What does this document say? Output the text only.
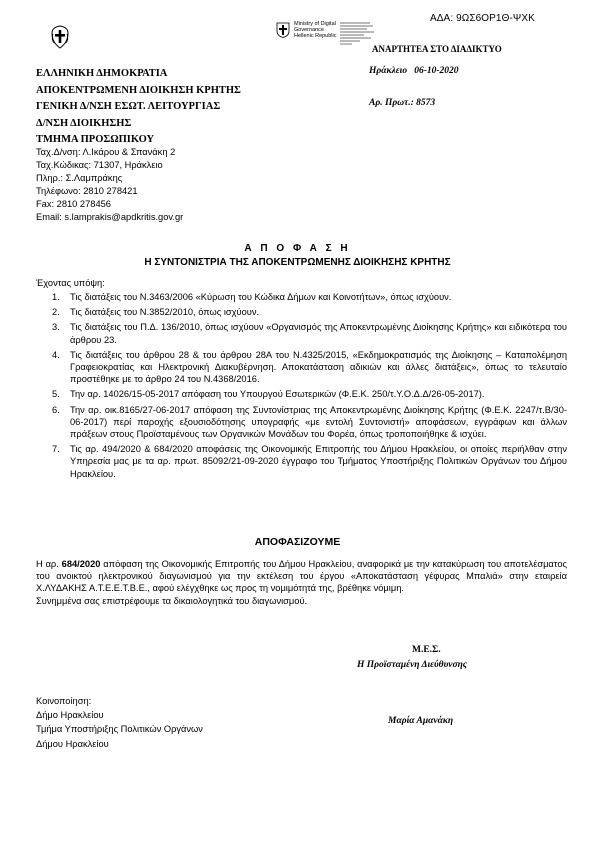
ΑΔΑ: 9ΩΣ6ΟΡ1Θ-ΨΧΚ
Ministry of Digital
Governance
Hellenic Republic
ΑΝΑΡΤΗΤΕΑ ΣΤΟ ΔΙΑΔΙΚΤΥΟ
ΕΛΛΗΝΙΚΗ ΔΗΜΟΚΡΑΤΙΑ
ΑΠΟΚΕΝΤΡΩΜΕΝΗ ΔΙΟΙΚΗΣΗ ΚΡΗΤΗΣ
ΓΕΝΙΚΗ Δ/ΝΣΗ ΕΣΩΤ. ΛΕΙΤΟΥΡΓΙΑΣ
Δ/ΝΣΗ ΔΙΟΙΚΗΣΗΣ
ΤΜΗΜΑ ΠΡΟΣΩΠΙΚΟΥ
Ηράκλειο   06-10-2020
Αρ. Πρωτ.: 8573
Ταχ.Δ/νση: Λ.Ικάρου & Σπανάκη 2
Ταχ.Κώδικας: 71307, Ηράκλειο
Πληρ.: Σ.Λαμπράκης
Τηλέφωνο: 2810 278421
Fax: 2810 278456
Email: s.lamprakis@apdkritis.gov.gr
Α Π Ο Φ Α Σ Η
Η ΣΥΝΤΟΝΙΣΤΡΙΑ ΤΗΣ ΑΠΟΚΕΝΤΡΩΜΕΝΗΣ ΔΙΟΙΚΗΣΗΣ ΚΡΗΤΗΣ
Έχοντας υπόψη:
1.	Τις διατάξεις του Ν.3463/2006 «Κύρωση του Κώδικα Δήμων και Κοινοτήτων», όπως ισχύουν.
2.	Τις διατάξεις του Ν.3852/2010, όπως ισχύουν.
3.	Τις διατάξεις του Π.Δ. 136/2010, όπως ισχύουν «Οργανισμός της Αποκεντρωμένης Διοίκησης Κρήτης» και ειδικότερα του άρθρου 23.
4.	Τις διατάξεις του άρθρου 28 & του άρθρου 28Α του Ν.4325/2015, «Εκδημοκρατισμός της Διοίκησης – Καταπολέμηση Γραφειοκρατίας και Ηλεκτρονική Διακυβέρνηση. Αποκατάσταση αδικιών και άλλες διατάξεις», όπως το τελευταίο προστέθηκε με το άρθρο 24 του Ν.4368/2016.
5.	Την αρ. 14026/15-05-2017 απόφαση του Υπουργού Εσωτερικών (Φ.Ε.Κ. 250/τ.Υ.Ο.Δ.Δ/26-05-2017).
6.	Την αρ. οικ.8165/27-06-2017 απόφαση της Συντονίστριας της Αποκεντρωμένης Διοίκησης Κρήτης (Φ.Ε.Κ. 2247/τ.Β/30-06-2017) περί παροχής εξουσιοδότησης υπογραφής «με εντολή Συντονιστή» αποφάσεων, εγγράφων και άλλων πράξεων στους Προϊσταμένους των Οργανικών Μονάδων του Φορέα, όπως τροποποιήθηκε & ισχύει.
7.	Τις αρ. 494/2020 & 684/2020 αποφάσεις της Οικονομικής Επιτροπής του Δήμου Ηρακλείου, οι οποίες περιήλθαν στην Υπηρεσία μας με τα αρ. πρωτ. 85092/21-09-2020 έγγραφο του Τμήματος Υποστήριξης Πολιτικών Οργάνων του Δήμου Ηρακλείου.
ΑΠΟΦΑΣΙΖΟΥΜΕ
Η αρ. 684/2020 απόφαση της Οικονομικής Επιτροπής του Δήμου Ηρακλείου, αναφορικά με την κατακύρωση του αποτελέσματος του ανοικτού ηλεκτρονικού διαγωνισμού για την εκτέλεση του έργου «Αποκατάσταση γέφυρας Μπαλιά» στην εταιρεία Χ.ΛΥΔΑΚΗΣ Α.Τ.Ε.Ε.Τ.Β.Ε., αφού ελέγχθηκε ως προς τη νομιμότητά της, βρέθηκε νόμιμη.
Συνημμένα σας επιστρέφουμε τα δικαιολογητικά του διαγωνισμού.
Μ.Ε.Σ.
Η Προϊσταμένη Διεύθυνσης
Μαρία Αμανάκη
Κοινοποίηση:
Δήμο Ηρακλείου
Τμήμα Υποστήριξης Πολιτικών Οργάνων
Δήμου Ηρακλείου
